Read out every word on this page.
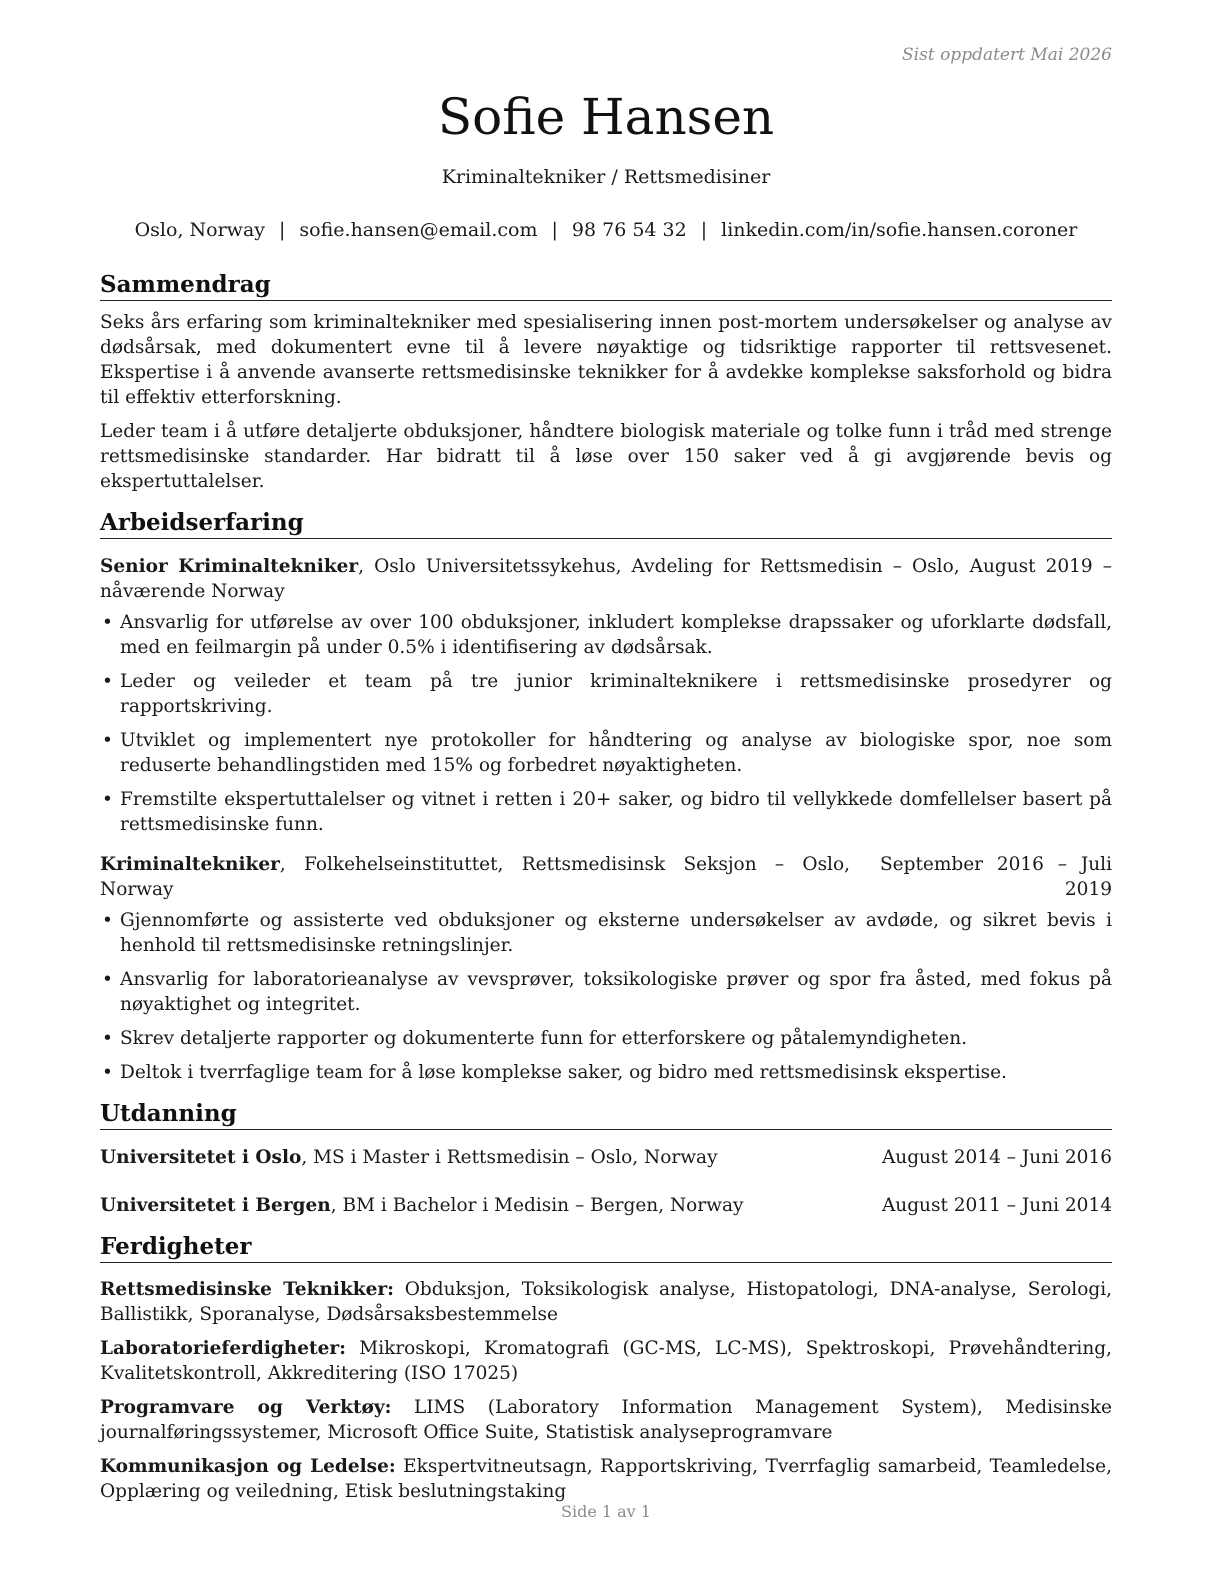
Sist oppdatert Mai 2026
Sofie Hansen
Kriminaltekniker / Rettsmedisiner
Oslo, Norway | sofie.hansen@email.com | 98 76 54 32 | linkedin.com/in/sofie.hansen.coroner
Sammendrag

Seks års erfaring som kriminaltekniker med spesialisering innen post-mortem undersøkelser og analyse av dødsårsak, med dokumentert evne til å levere nøyaktige og tidsriktige rapporter til rettsvesenet. Ekspertise i å anvende avanserte rettsmedisinske teknikker for å avdekke komplekse saksforhold og bidra til effektiv etterforskning.

Leder team i å utføre detaljerte obduksjoner, håndtere biologisk materiale og tolke funn i tråd med strenge rettsmedisinske standarder. Har bidratt til å løse over 150 saker ved å gi avgjørende bevis og ekspertuttalelser.

Arbeidserfaring
Senior Kriminaltekniker, Oslo Universitetssykehus, Avdeling for Rettsmedisin – Oslo, August 2019 – nåværende Norway
• Ansvarlig for utførelse av over 100 obduksjoner, inkludert komplekse drapssaker og uforklarte dødsfall, med en feilmargin på under 0.5% i identifisering av dødsårsak.
• Leder og veileder et team på tre junior kriminalteknikere i rettsmedisinske prosedyrer og rapportskriving.
• Utviklet og implementert nye protokoller for håndtering og analyse av biologiske spor, noe som reduserte behandlingstiden med 15% og forbedret nøyaktigheten.
• Fremstilte ekspertuttalelser og vitnet i retten i 20+ saker, og bidro til vellykkede domfellelser basert på rettsmedisinske funn.
Kriminaltekniker, Folkehelseinstituttet, Rettsmedisinsk Seksjon – Oslo, Norway
September 2016 – Juli 2019
• Gjennomførte og assisterte ved obduksjoner og eksterne undersøkelser av avdøde, og sikret bevis i henhold til rettsmedisinske retningslinjer.
• Ansvarlig for laboratorieanalyse av vevsprøver, toksikologiske prøver og spor fra åsted, med fokus på nøyaktighet og integritet.
• Skrev detaljerte rapporter og dokumenterte funn for etterforskere og påtalemyndigheten.
• Deltok i tverrfaglige team for å løse komplekse saker, og bidro med rettsmedisinsk ekspertise.
Utdanning
Universitetet i Oslo, MS i Master i Rettsmedisin – Oslo, Norway	August 2014 – Juni 2016
Universitetet i Bergen, BM i Bachelor i Medisin – Bergen, Norway	August 2011 – Juni 2014
Ferdigheter

Rettsmedisinske Teknikker: Obduksjon, Toksikologisk analyse, Histopatologi, DNA-analyse, Serologi, Ballistikk, Sporanalyse, Dødsårsaksbestemmelse

Laboratorieferdigheter: Mikroskopi, Kromatografi (GC-MS, LC-MS), Spektroskopi, Prøvehåndtering, Kvalitetskontroll, Akkreditering (ISO 17025)

Programvare og Verktøy: LIMS (Laboratory Information Management System), Medisinske journalføringssystemer, Microsoft Office Suite, Statistisk analyseprogramvare

Kommunikasjon og Ledelse: Ekspertvitneutsagn, Rapportskriving, Tverrfaglig samarbeid, Teamledelse, Opplæring og veiledning, Etisk beslutningstaking

Side 1 av 1
